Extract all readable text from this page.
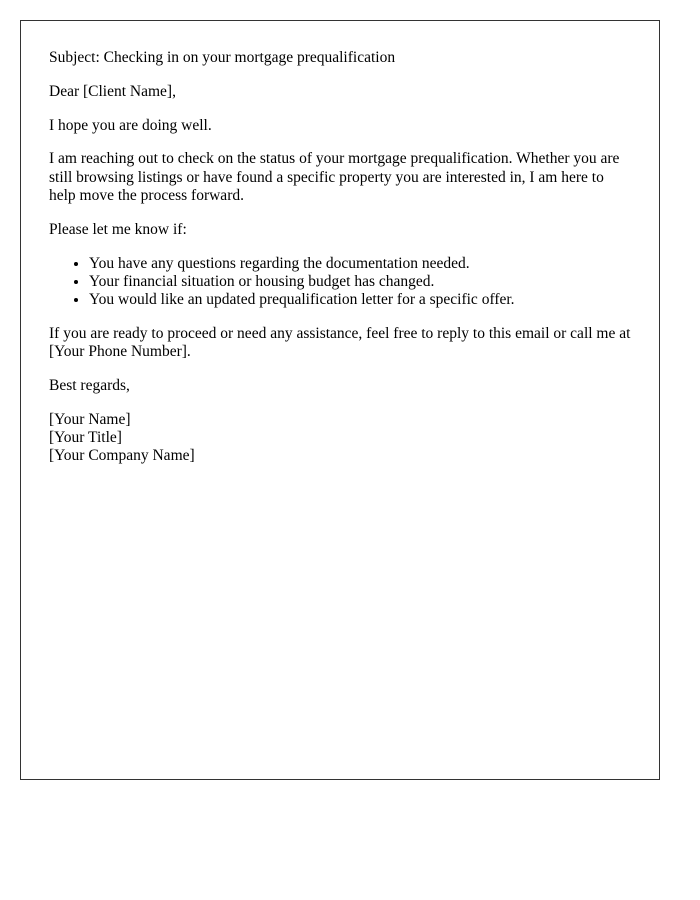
Subject: Checking in on your mortgage prequalification

Dear [Client Name],

I hope you are doing well.

I am reaching out to check on the status of your mortgage prequalification. Whether you are still browsing listings or have found a specific property you are interested in, I am here to help move the process forward.

Please let me know if:

• You have any questions regarding the documentation needed.
• Your financial situation or housing budget has changed.
• You would like an updated prequalification letter for a specific offer.

If you are ready to proceed or need any assistance, feel free to reply to this email or call me at [Your Phone Number].

Best regards,

[Your Name]
[Your Title]
[Your Company Name]
